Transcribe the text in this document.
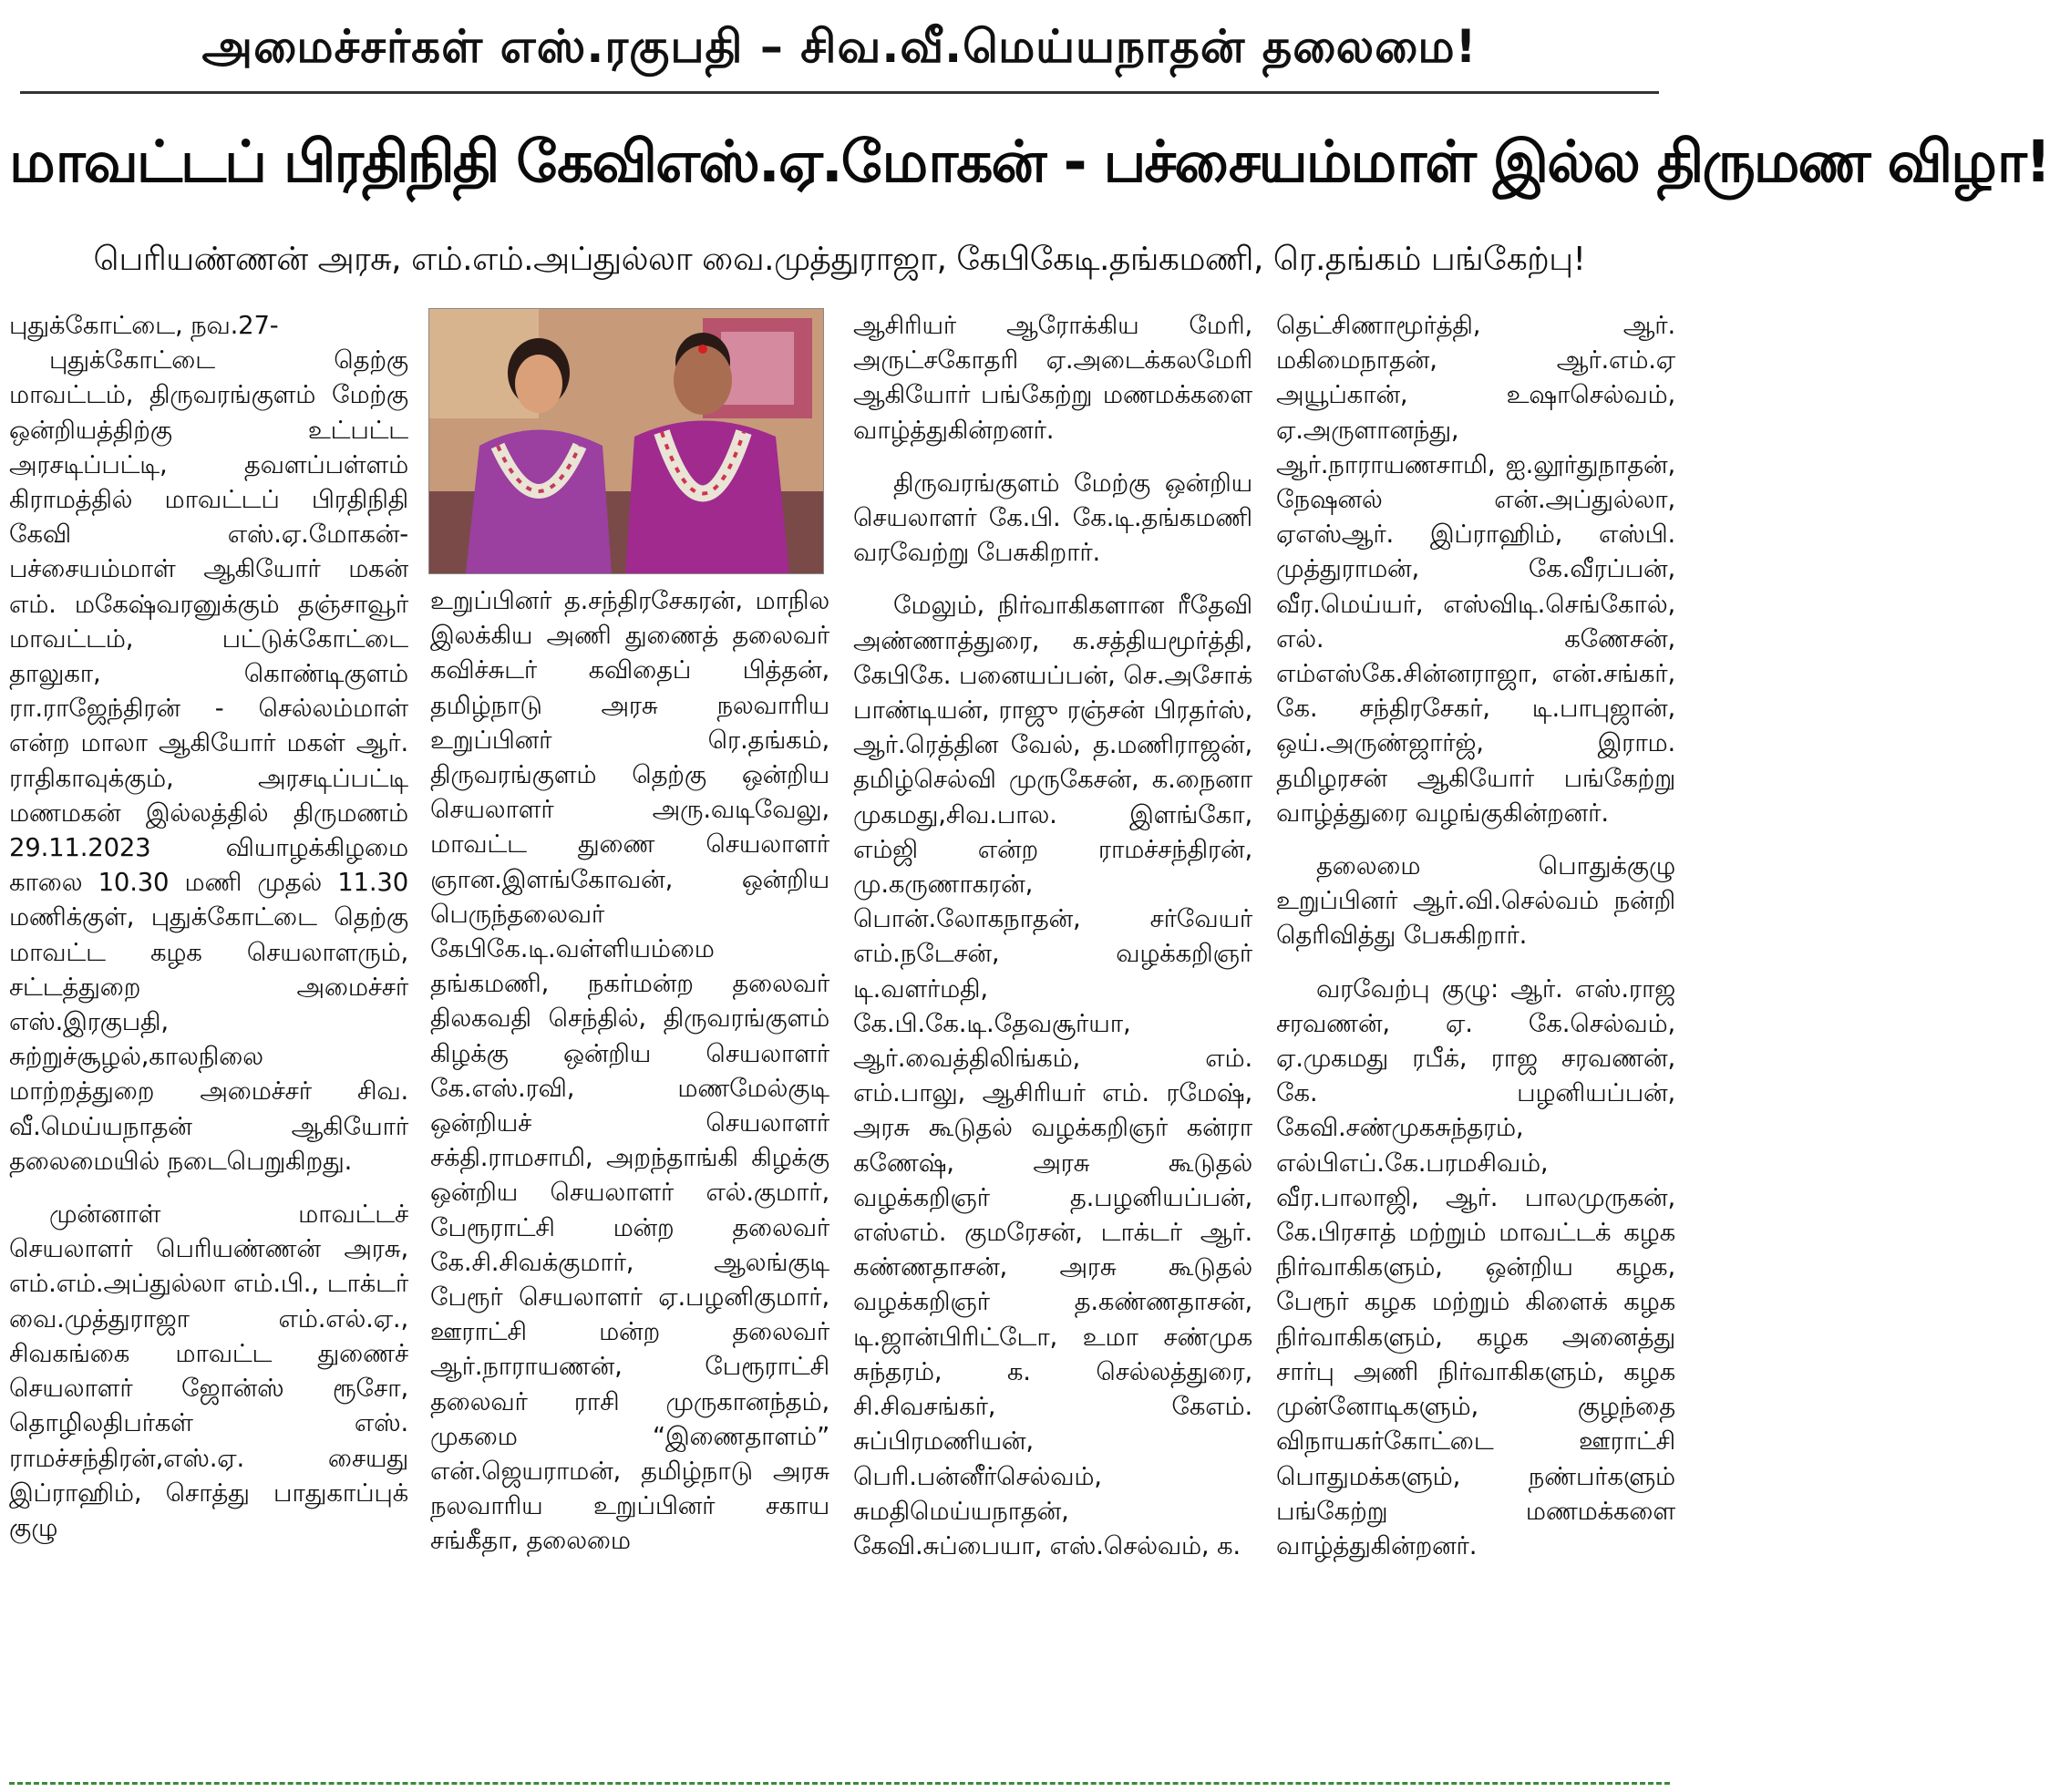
அமைச்சர்கள் எஸ்.ரகுபதி – சிவ.வீ.மெய்யநாதன் தலைமை!
மாவட்டப் பிரதிநிதி கேவிஎஸ்.ஏ.மோகன் - பச்சையம்மாள் இல்ல திருமண விழா!
பெரியண்ணன் அரசு, எம்.எம்.அப்துல்லா வை.முத்துராஜா, கேபிகேடி.தங்கமணி, ரெ.தங்கம் பங்கேற்பு!

புதுக்கோட்டை, நவ.27-

புதுக்கோட்டை தெற்கு மாவட்டம், திருவரங்குளம் மேற்கு ஒன்றியத்திற்கு உட்பட்ட அரசடிப்பட்டி, தவளப்பள்ளம் கிராமத்தில் மாவட்டப் பிரதிநிதி கேவி எஸ்.ஏ.மோகன்-பச்சையம்மாள் ஆகியோர் மகன் எம். மகேஷ்வரனுக்கும் தஞ்சாவூர் மாவட்டம், பட்டுக்கோட்டை தாலுகா, கொண்டிகுளம் ரா.ராஜேந்திரன் - செல்லம்மாள் என்ற மாலா ஆகியோர் மகள் ஆர். ராதிகாவுக்கும், அரசடிப்பட்டி மணமகன் இல்லத்தில் திருமணம் 29.11.2023 வியாழக்கிழமை காலை 10.30 மணி முதல் 11.30 மணிக்குள், புதுக்கோட்டை தெற்கு மாவட்ட கழக செயலாளரும், சட்டத்துறை அமைச்சர் எஸ்.இரகுபதி, சுற்றுச்சூழல்,காலநிலை மாற்றத்துறை அமைச்சர் சிவ. வீ.மெய்யநாதன் ஆகியோர் தலைமையில் நடைபெறுகிறது.

முன்னாள் மாவட்டச் செயலாளர் பெரியண்ணன் அரசு, எம்.எம்.அப்துல்லா எம்.பி., டாக்டர் வை.முத்துராஜா எம்.எல்.ஏ., சிவகங்கை மாவட்ட துணைச் செயலாளர் ஜோன்ஸ் ரூசோ, தொழிலதிபர்கள் எஸ். ராமச்சந்திரன்,எஸ்.ஏ. சையது இப்ராஹிம், சொத்து பாதுகாப்புக் குழு

உறுப்பினர் த.சந்திரசேகரன், மாநில இலக்கிய அணி துணைத் தலைவர் கவிச்சுடர் கவிதைப் பித்தன், தமிழ்நாடு அரசு நலவாரிய உறுப்பினர் ரெ.தங்கம், திருவரங்குளம் தெற்கு ஒன்றிய செயலாளர் அரு.வடிவேலு, மாவட்ட துணை செயலாளர் ஞான.இளங்கோவன், ஒன்றிய பெருந்தலைவர் கேபிகே.டி.வள்ளியம்மை தங்கமணி, நகர்மன்ற தலைவர் திலகவதி செந்தில், திருவரங்குளம் கிழக்கு ஒன்றிய செயலாளர் கே.எஸ்.ரவி, மணமேல்குடி ஒன்றியச் செயலாளர் சக்தி.ராமசாமி, அறந்தாங்கி கிழக்கு ஒன்றிய செயலாளர் எல்.குமார், பேரூராட்சி மன்ற தலைவர் கே.சி.சிவக்குமார், ஆலங்குடி பேரூர் செயலாளர் ஏ.பழனிகுமார், ஊராட்சி மன்ற தலைவர் ஆர்.நாராயணன், பேரூராட்சி தலைவர் ராசி முருகானந்தம், முகமை “இணைதாளம்” என்.ஜெயராமன், தமிழ்நாடு அரசு நலவாரிய உறுப்பினர் சகாய சங்கீதா, தலைமை

ஆசிரியர் ஆரோக்கிய மேரி, அருட்சகோதரி ஏ.அடைக்கலமேரி ஆகியோர் பங்கேற்று மணமக்களை வாழ்த்துகின்றனர்.

திருவரங்குளம் மேற்கு ஒன்றிய செயலாளர் கே.பி. கே.டி.தங்கமணி வரவேற்று பேசுகிறார்.

மேலும், நிர்வாகிகளான ரீதேவி அண்ணாத்துரை, க.சத்தியமூர்த்தி, கேபிகே. பனையப்பன், செ.அசோக் பாண்டியன், ராஜு ரஞ்சன் பிரதர்ஸ், ஆர்.ரெத்தின வேல், த.மணிராஜன், தமிழ்செல்வி முருகேசன், க.நைனா முகமது,சிவ.பால. இளங்கோ, எம்ஜி என்ற ராமச்சந்திரன், மு.கருணாகரன், பொன்.லோகநாதன், சர்வேயர் எம்.நடேசன், வழக்கறிஞர் டி.வளர்மதி, கே.பி.கே.டி.தேவசூர்யா, ஆர்.வைத்திலிங்கம், எம். எம்.பாலு, ஆசிரியர் எம். ரமேஷ், அரசு கூடுதல் வழக்கறிஞர் கன்ரா கணேஷ், அரசு கூடுதல் வழக்கறிஞர் த.பழனியப்பன், எஸ்எம். குமரேசன், டாக்டர் ஆர். கண்ணதாசன், அரசு கூடுதல் வழக்கறிஞர் த.கண்ணதாசன், டி.ஜான்பிரிட்டோ, உமா சண்முக சுந்தரம், க. செல்லத்துரை, சி.சிவசங்கர், கேஎம். சுப்பிரமணியன், பெரி.பன்னீர்செல்வம், சுமதிமெய்யநாதன், கேவி.சுப்பையா, எஸ்.செல்வம், க.

தெட்சிணாமூர்த்தி, ஆர். மகிமைநாதன், ஆர்.எம்.ஏ அயூப்கான், உஷாசெல்வம், ஏ.அருளானந்து, ஆர்.நாராயணசாமி, ஐ.லூர்துநாதன், நேஷனல் என்.அப்துல்லா, ஏஎஸ்ஆர். இப்ராஹிம், எஸ்பி. முத்துராமன், கே.வீரப்பன், வீர.மெய்யர், எஸ்விடி.செங்கோல், எல். கணேசன், எம்எஸ்கே.சின்னராஜா, என்.சங்கர், கே. சந்திரசேகர், டி.பாபுஜான், ஒய்.அருண்ஜார்ஜ், இராம. தமிழரசன் ஆகியோர் பங்கேற்று வாழ்த்துரை வழங்குகின்றனர்.

தலைமை பொதுக்குழு உறுப்பினர் ஆர்.வி.செல்வம் நன்றி தெரிவித்து பேசுகிறார்.

வரவேற்பு குழு: ஆர். எஸ்.ராஜ சரவணன், ஏ. கே.செல்வம், ஏ.முகமது ரபீக், ராஜ சரவணன், கே. பழனியப்பன், கேவி.சண்முகசுந்தரம், எல்பிஎப்.கே.பரமசிவம், வீர.பாலாஜி, ஆர். பாலமுருகன், கே.பிரசாத் மற்றும் மாவட்டக் கழக நிர்வாகிகளும், ஒன்றிய கழக, பேரூர் கழக மற்றும் கிளைக் கழக நிர்வாகிகளும், கழக அனைத்து சார்பு அணி நிர்வாகிகளும், கழக முன்னோடிகளும், குழந்தை விநாயகர்கோட்டை ஊராட்சி பொதுமக்களும், நண்பர்களும் பங்கேற்று மணமக்களை வாழ்த்துகின்றனர்.
